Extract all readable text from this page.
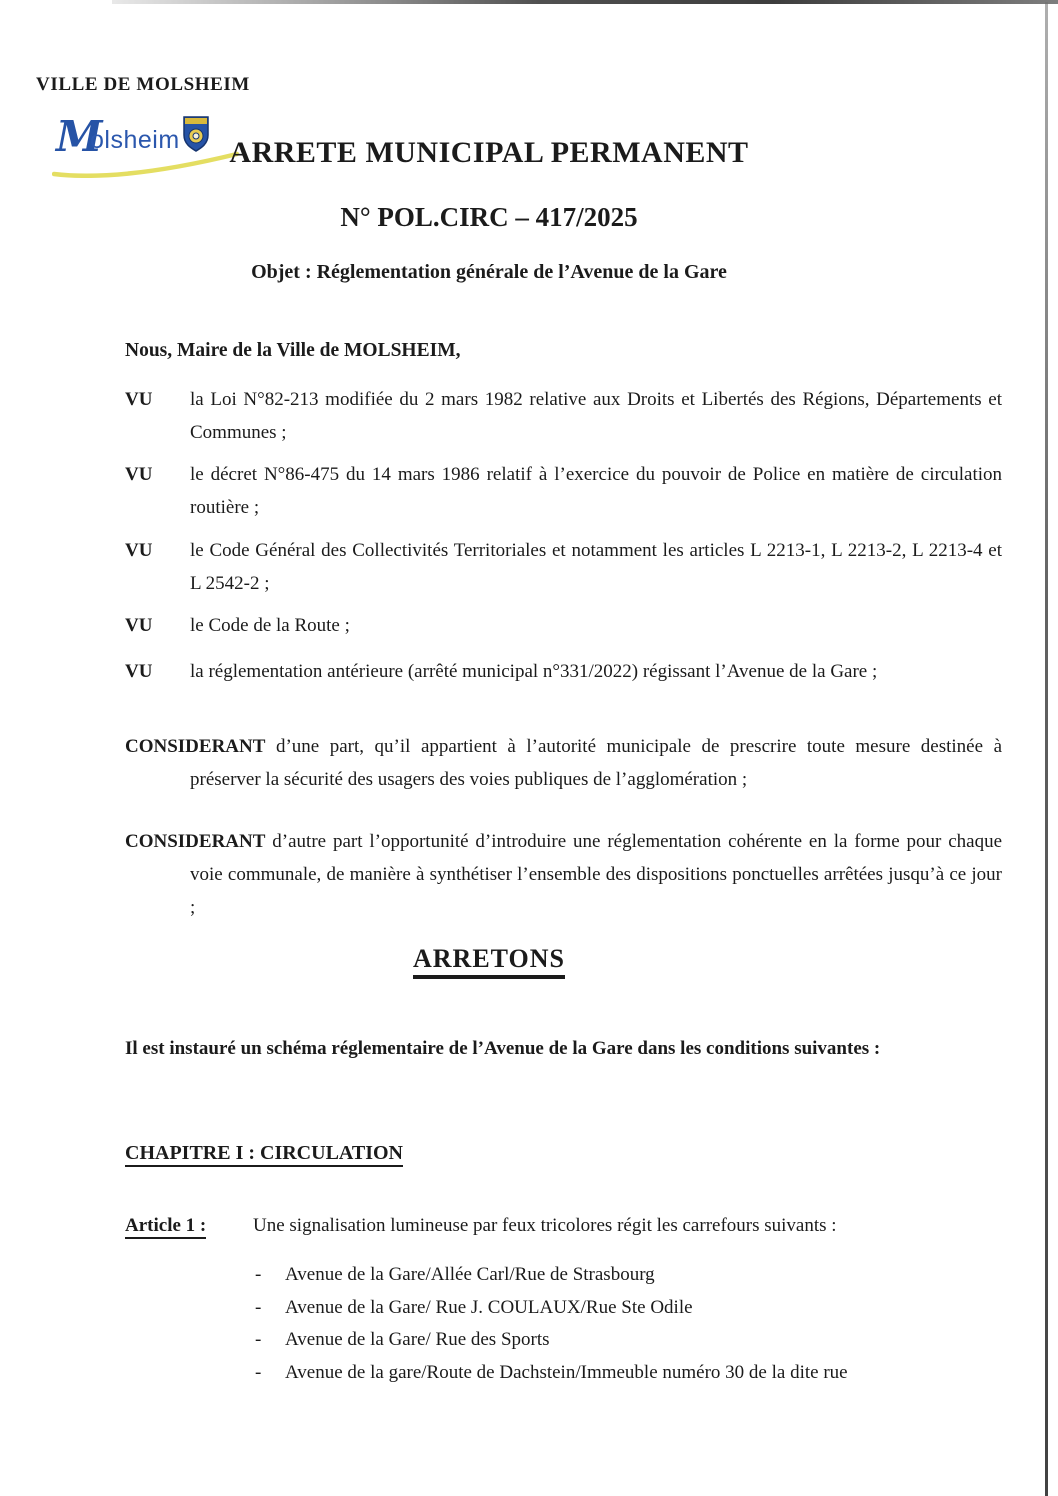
VILLE DE MOLSHEIM
M
olsheim	ARRETE MUNICIPAL PERMANENT
N° POL.CIRC – 417/2025
Objet : Réglementation générale de l’Avenue de la Gare
Nous, Maire de la Ville de MOLSHEIM,
VU la Loi N°82-213 modifiée du 2 mars 1982 relative aux Droits et Libertés des Régions, Départements et Communes ;
VU le décret N°86-475 du 14 mars 1986 relatif à l’exercice du pouvoir de Police en matière de circulation routière ;
VU le Code Général des Collectivités Territoriales et notamment les articles L 2213-1, L 2213-2, L 2213-4 et L 2542-2 ;
VU le Code de la Route ;
VU la réglementation antérieure (arrêté municipal n°331/2022) régissant l’Avenue de la Gare ;
CONSIDERANT d’une part, qu’il appartient à l’autorité municipale de prescrire toute mesure destinée à préserver la sécurité des usagers des voies publiques de l’agglomération ;
CONSIDERANT d’autre part l’opportunité d’introduire une réglementation cohérente en la forme pour chaque voie communale, de manière à synthétiser l’ensemble des dispositions ponctuelles arrêtées jusqu’à ce jour ;
ARRETONS
Il est instauré un schéma réglementaire de l’Avenue de la Gare dans les conditions suivantes :
CHAPITRE I : CIRCULATION
Article 1 : Une signalisation lumineuse par feux tricolores régit les carrefours suivants :
- Avenue de la Gare/Allée Carl/Rue de Strasbourg
- Avenue de la Gare/ Rue J. COULAUX/Rue Ste Odile
- Avenue de la Gare/ Rue des Sports
- Avenue de la gare/Route de Dachstein/Immeuble numéro 30 de la dite rue
